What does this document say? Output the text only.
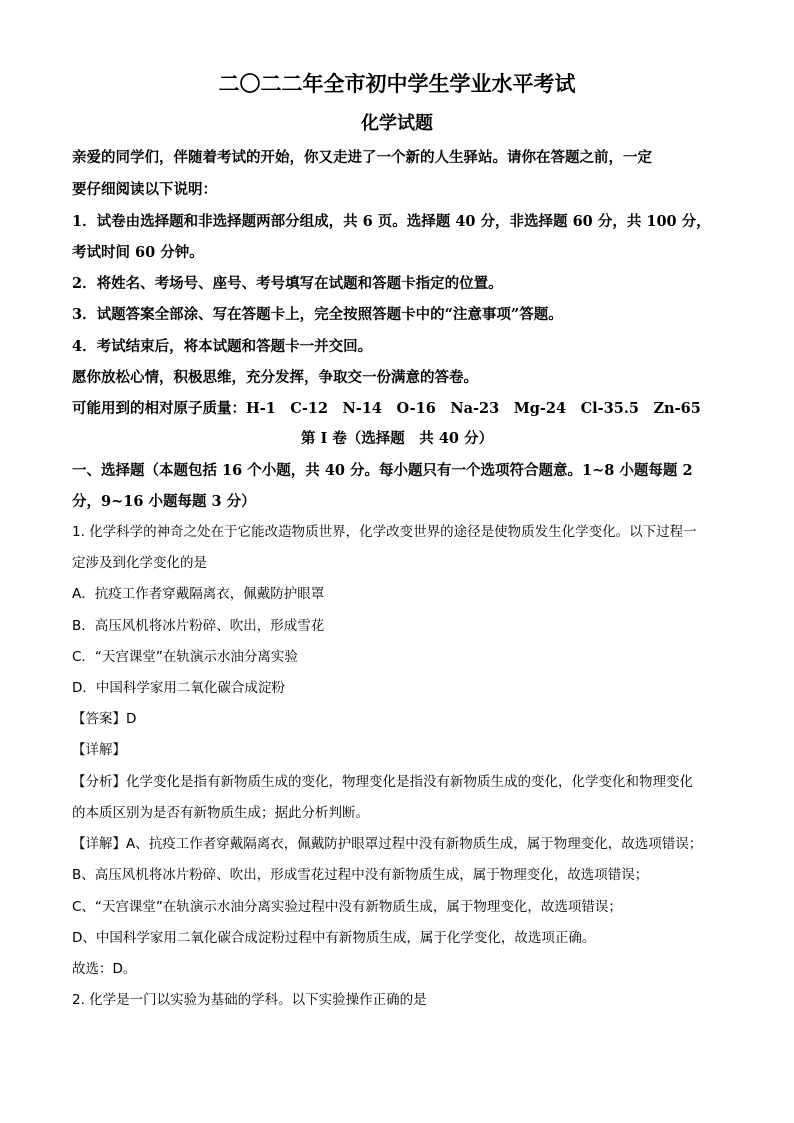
二〇二二年全市初中学生学业水平考试
化学试题
亲爱的同学们，伴随着考试的开始，你又走进了一个新的人生驿站。请你在答题之前，一定
要仔细阅读以下说明：
1．试卷由选择题和非选择题两部分组成，共 6 页。选择题 40 分，非选择题 60 分，共 100 分，
考试时间 60 分钟。
2．将姓名、考场号、座号、考号填写在试题和答题卡指定的位置。
3．试题答案全部涂、写在答题卡上，完全按照答题卡中的“注意事项”答题。
4．考试结束后，将本试题和答题卡一并交回。
愿你放松心情，积极思维，充分发挥，争取交一份满意的答卷。
可能用到的相对原子质量：H-1　C-12　N-14　O-16　Na-23　Mg-24　Cl-35.5　Zn-65
第 I 卷（选择题　共 40 分）
一、选择题（本题包括 16 个小题，共 40 分。每小题只有一个选项符合题意。1~8 小题每题 2
分，9~16 小题每题 3 分）
1. 化学科学的神奇之处在于它能改造物质世界，化学改变世界的途径是使物质发生化学变化。以下过程一
定涉及到化学变化的是
A．抗疫工作者穿戴隔离衣，佩戴防护眼罩
B．高压风机将冰片粉碎、吹出，形成雪花
C．“天宫课堂”在轨演示水油分离实验
D．中国科学家用二氧化碳合成淀粉
【答案】D
【详解】
【分析】化学变化是指有新物质生成的变化，物理变化是指没有新物质生成的变化，化学变化和物理变化
的本质区别为是否有新物质生成；据此分析判断。
【详解】A、抗疫工作者穿戴隔离衣，佩戴防护眼罩过程中没有新物质生成，属于物理变化，故选项错误；
B、高压风机将冰片粉碎、吹出，形成雪花过程中没有新物质生成，属于物理变化，故选项错误；
C、“天宫课堂”在轨演示水油分离实验过程中没有新物质生成，属于物理变化，故选项错误；
D、中国科学家用二氧化碳合成淀粉过程中有新物质生成，属于化学变化，故选项正确。
故选：D。
2. 化学是一门以实验为基础的学科。以下实验操作正确的是
